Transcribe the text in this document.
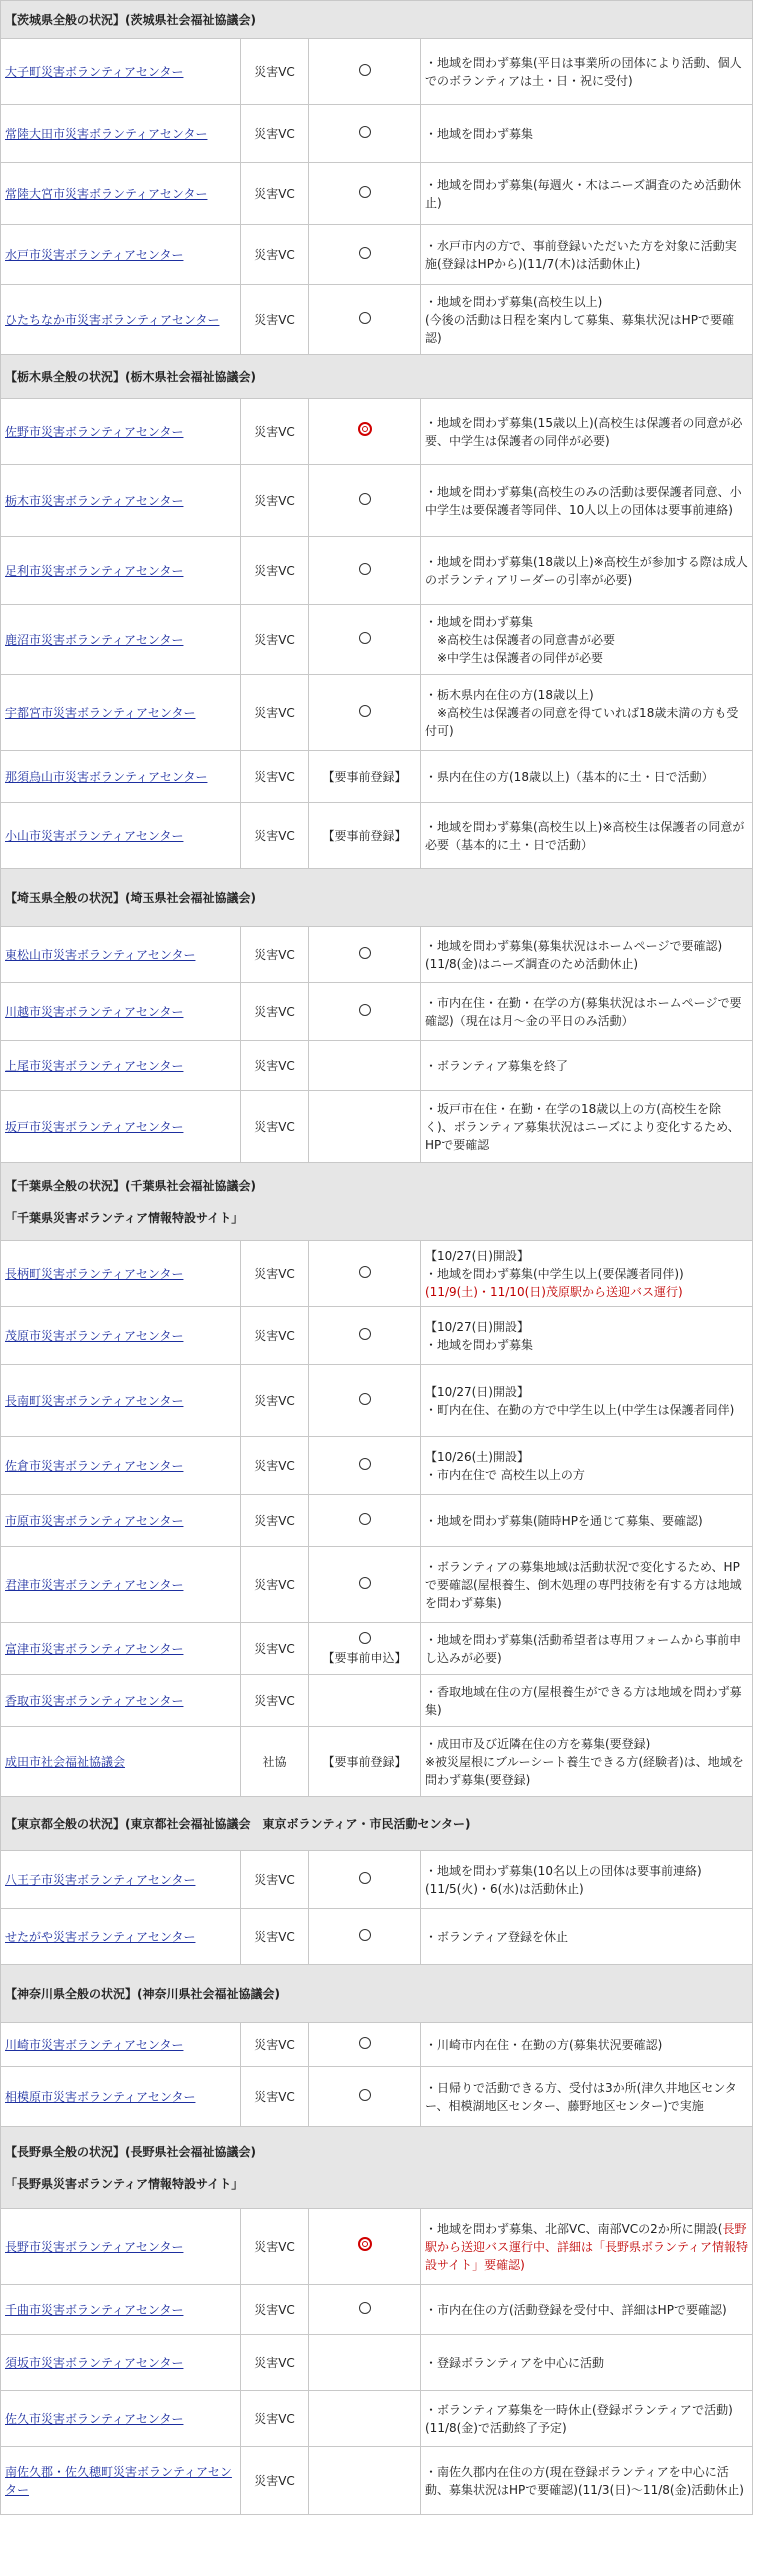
【茨城県全般の状況】(茨城県社会福祉協議会)			

大子町災害ボランティアセンター	災害VC		・地域を問わず募集(平日は事業所の団体により活動、個人でのボランティアは土・日・祝に受付)

常陸大田市災害ボランティアセンター	災害VC		・地域を問わず募集

常陸大宮市災害ボランティアセンター	災害VC		・地域を問わず募集(毎週火・木はニーズ調査のため活動休止)

水戸市災害ボランティアセンター	災害VC		・水戸市内の方で、事前登録いただいた方を対象に活動実施(登録はHPから)(11/7(木)は活動休止)

ひたちなか市災害ボランティアセンター	災害VC		・地域を問わず募集(高校生以上)
(今後の活動は日程を案内して募集、募集状況はHPで要確認)

【栃木県全般の状況】(栃木県社会福祉協議会)			

佐野市災害ボランティアセンター	災害VC		・地域を問わず募集(15歳以上)(高校生は保護者の同意が必要、中学生は保護者の同伴が必要)

栃木市災害ボランティアセンター	災害VC		・地域を問わず募集(高校生のみの活動は要保護者同意、小中学生は要保護者等同伴、10人以上の団体は要事前連絡)

足利市災害ボランティアセンター	災害VC		・地域を問わず募集(18歳以上)※高校生が参加する際は成人のボランティアリーダーの引率が必要)

鹿沼市災害ボランティアセンター	災害VC		・地域を問わず募集
　※高校生は保護者の同意書が必要
　※中学生は保護者の同伴が必要

宇都宮市災害ボランティアセンター	災害VC		・栃木県内在住の方(18歳以上)
　※高校生は保護者の同意を得ていれば18歳未満の方も受付可)

那須烏山市災害ボランティアセンター	災害VC	【要事前登録】	・県内在住の方(18歳以上)（基本的に土・日で活動）

小山市災害ボランティアセンター	災害VC	【要事前登録】	・地域を問わず募集(高校生以上)※高校生は保護者の同意が必要（基本的に土・日で活動）

【埼玉県全般の状況】(埼玉県社会福祉協議会)			

東松山市災害ボランティアセンター	災害VC		・地域を問わず募集(募集状況はホームページで要確認)
(11/8(金)はニーズ調査のため活動休止)

川越市災害ボランティアセンター	災害VC		・市内在住・在勤・在学の方(募集状況はホームページで要確認)（現在は月～金の平日のみ活動）

上尾市災害ボランティアセンター	災害VC		・ボランティア募集を終了

坂戸市災害ボランティアセンター	災害VC		・坂戸市在住・在勤・在学の18歳以上の方(高校生を除く)、ボランティア募集状況はニーズにより変化するため、HPで要確認

【千葉県全般の状況】(千葉県社会福祉協議会)
「千葉県災害ボランティア情報特設サイト」			

長柄町災害ボランティアセンター	災害VC		【10/27(日)開設】
・地域を問わず募集(中学生以上(要保護者同伴))
(11/9(土)・11/10(日)茂原駅から送迎バス運行)
茂原市災害ボランティアセンター	災害VC		【10/27(日)開設】
・地域を問わず募集

長南町災害ボランティアセンター	災害VC		【10/27(日)開設】
・町内在住、在勤の方で中学生以上(中学生は保護者同伴)

佐倉市災害ボランティアセンター	災害VC		【10/26(土)開設】
・市内在住で 高校生以上の方

市原市災害ボランティアセンター	災害VC		・地域を問わず募集(随時HPを通じて募集、要確認)

君津市災害ボランティアセンター	災害VC		・ボランティアの募集地域は活動状況で変化するため、HPで要確認(屋根養生、倒木処理の専門技術を有する方は地域を問わず募集)

富津市災害ボランティアセンター	災害VC	【要事前申込】	・地域を問わず募集(活動希望者は専用フォームから事前申し込みが必要)

香取市災害ボランティアセンター	災害VC		・香取地域在住の方(屋根養生ができる方は地域を問わず募集)

成田市社会福祉協議会	社協	【要事前登録】	・成田市及び近隣在住の方を募集(要登録)
※被災屋根にブルーシート養生できる方(経験者)は、地域を問わず募集(要登録)

【東京都全般の状況】(東京都社会福祉協議会　東京ボランティア・市民活動センター)			

八王子市災害ボランティアセンター	災害VC		・地域を問わず募集(10名以上の団体は要事前連絡)
(11/5(火)・6(水)は活動休止)

せたがや災害ボランティアセンター	災害VC		・ボランティア登録を休止

【神奈川県全般の状況】(神奈川県社会福祉協議会)			

川崎市災害ボランティアセンター	災害VC		・川崎市内在住・在勤の方(募集状況要確認)

相模原市災害ボランティアセンター	災害VC		・日帰りで活動できる方、受付は3か所(津久井地区センター、相模湖地区センター、藤野地区センター)で実施

【長野県全般の状況】(長野県社会福祉協議会)
「長野県災害ボランティア情報特設サイト」			

長野市災害ボランティアセンター	災害VC		・地域を問わず募集、北部VC、南部VCの2か所に開設(長野駅から送迎バス運行中、詳細は「長野県ボランティア情報特設サイト」要確認)
千曲市災害ボランティアセンター	災害VC		・市内在住の方(活動登録を受付中、詳細はHPで要確認)

須坂市災害ボランティアセンター	災害VC		・登録ボランティアを中心に活動

佐久市災害ボランティアセンター	災害VC		・ボランティア募集を一時休止(登録ボランティアで活動)
(11/8(金)で活動終了予定)

南佐久郡・佐久穂町災害ボランティアセンター	災害VC		・南佐久郡内在住の方(現在登録ボランティアを中心に活動、募集状況はHPで要確認)(11/3(日)～11/8(金)活動休止)
